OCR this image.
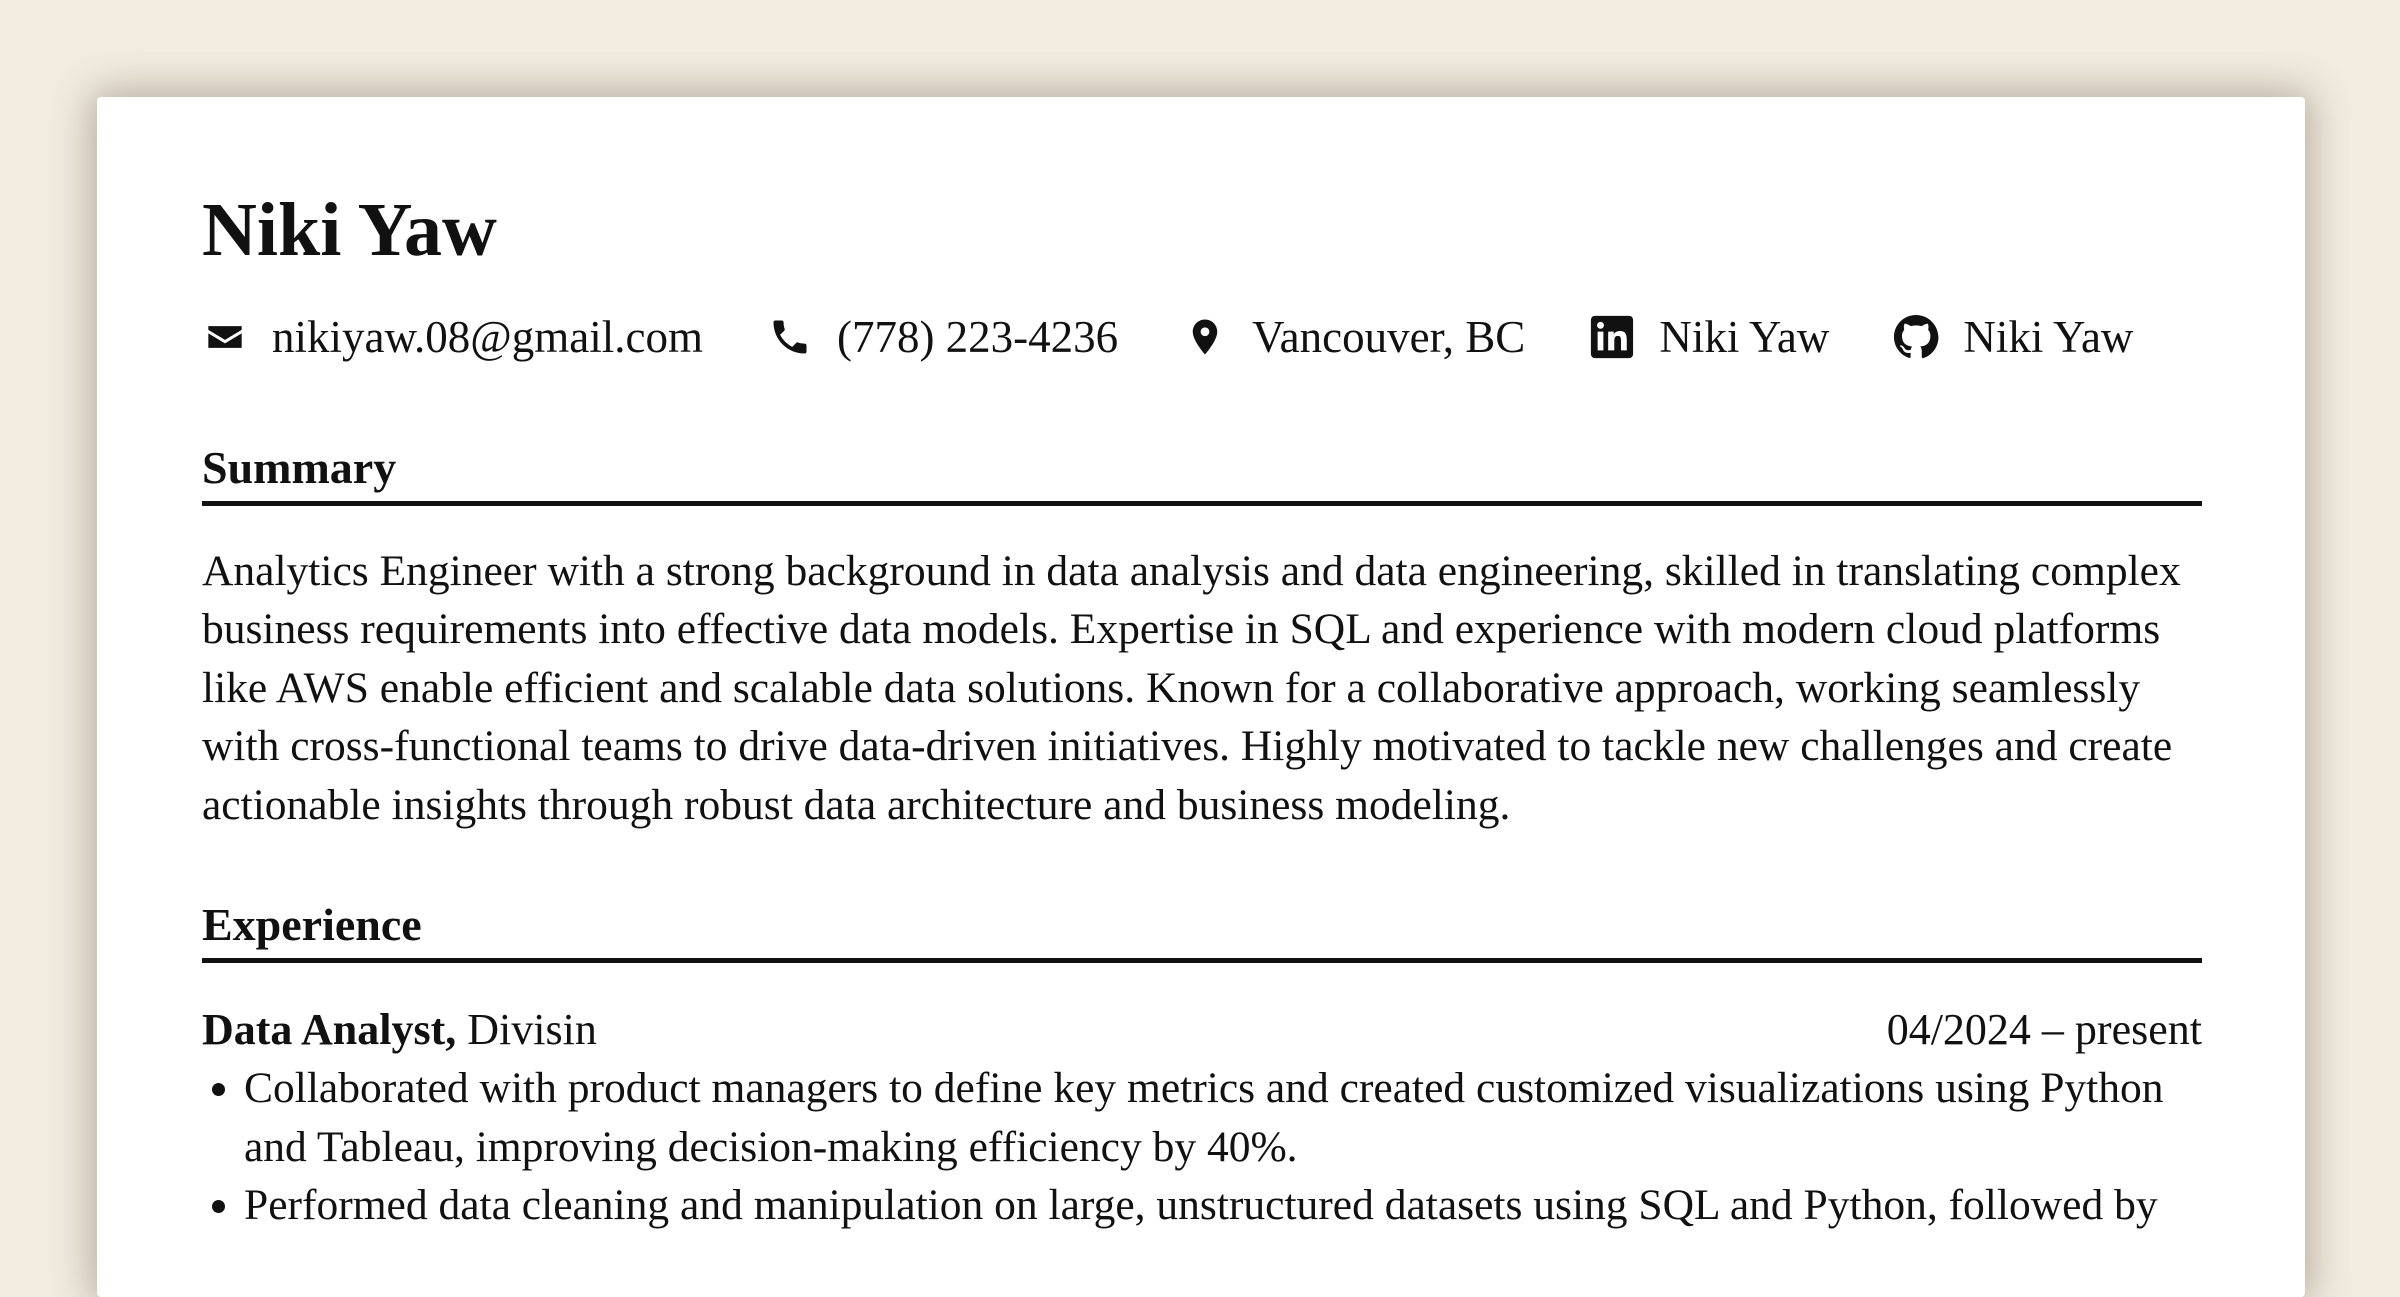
Niki Yaw
nikiyaw.08@gmail.com	(778) 223-4236	Vancouver, BC	Niki Yaw	Niki Yaw
Summary

Analytics Engineer with a strong background in data analysis and data engineering, skilled in translating complex business requirements into effective data models. Expertise in SQL and experience with modern cloud platforms like AWS enable efficient and scalable data solutions. Known for a collaborative approach, working seamlessly with cross-functional teams to drive data-driven initiatives. Highly motivated to tackle new challenges and create actionable insights through robust data architecture and business modeling.

Experience
Data Analyst, Divisin	04/2024 – present
• Collaborated with product managers to define key metrics and created customized visualizations using Python and Tableau, improving decision-making efficiency by 40%.
• Performed data cleaning and manipulation on large, unstructured datasets using SQL and Python, followed by
